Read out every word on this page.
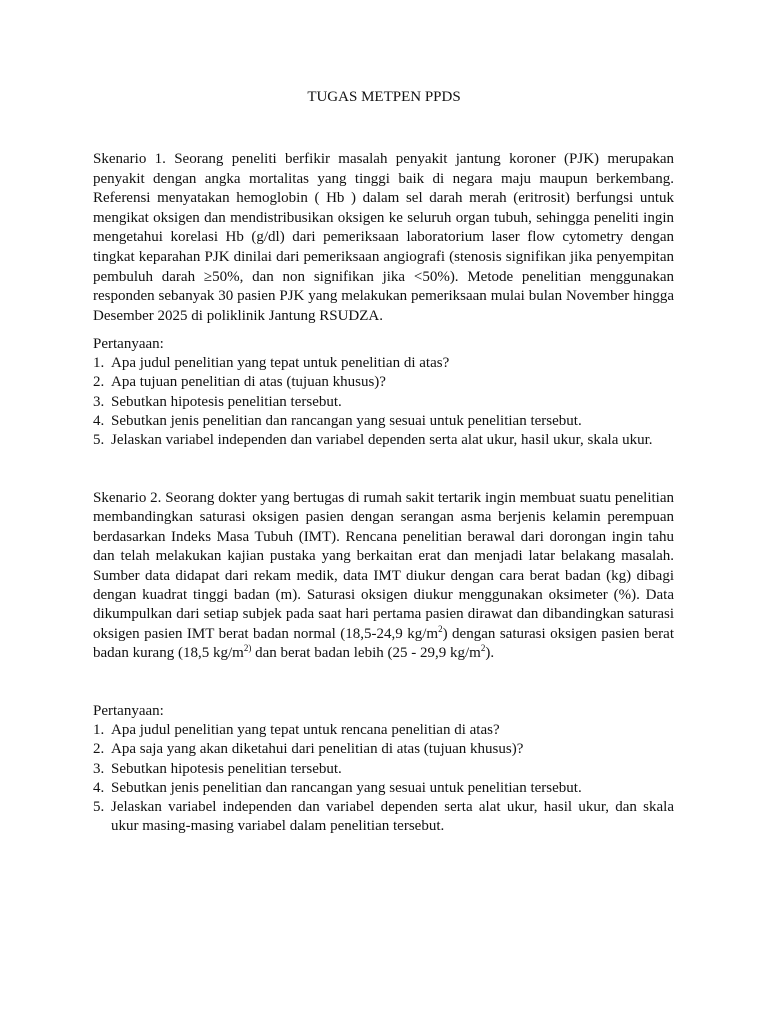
TUGAS METPEN PPDS

Skenario 1. Seorang peneliti berfikir masalah penyakit jantung koroner (PJK) merupakan penyakit dengan angka mortalitas yang tinggi baik di negara maju maupun berkembang. Referensi menyatakan hemoglobin ( Hb ) dalam sel darah merah (eritrosit) berfungsi untuk mengikat oksigen dan mendistribusikan oksigen ke seluruh organ tubuh, sehingga peneliti ingin mengetahui korelasi Hb (g/dl) dari pemeriksaan laboratorium laser flow cytometry dengan tingkat keparahan PJK dinilai dari pemeriksaan angiografi (stenosis signifikan jika penyempitan pembuluh darah ≥50%, dan non signifikan jika <50%). Metode penelitian menggunakan responden sebanyak 30 pasien PJK yang melakukan pemeriksaan mulai bulan November hingga Desember 2025 di poliklinik Jantung RSUDZA.

Pertanyaan:
1. Apa judul penelitian yang tepat untuk penelitian di atas?
2. Apa tujuan penelitian di atas (tujuan khusus)?
3. Sebutkan hipotesis penelitian tersebut.
4. Sebutkan jenis penelitian dan rancangan yang sesuai untuk penelitian tersebut.
5. Jelaskan variabel independen dan variabel dependen serta alat ukur, hasil ukur, skala ukur.

Skenario 2. Seorang dokter yang bertugas di rumah sakit tertarik ingin membuat suatu penelitian membandingkan saturasi oksigen pasien dengan serangan asma berjenis kelamin perempuan berdasarkan Indeks Masa Tubuh (IMT). Rencana penelitian berawal dari dorongan ingin tahu dan telah melakukan kajian pustaka yang berkaitan erat dan menjadi latar belakang masalah. Sumber data didapat dari rekam medik, data IMT diukur dengan cara berat badan (kg) dibagi dengan kuadrat tinggi badan (m). Saturasi oksigen diukur menggunakan oksimeter (%). Data dikumpulkan dari setiap subjek pada saat hari pertama pasien dirawat dan dibandingkan saturasi oksigen pasien IMT berat badan normal (18,5-24,9 $kg/m^2$) dengan saturasi oksigen pasien berat badan kurang (18,5 $kg/m^{2)}$ dan berat badan lebih (25 - 29,9 $kg/m^2$).

Pertanyaan:
1. Apa judul penelitian yang tepat untuk rencana penelitian di atas?
2. Apa saja yang akan diketahui dari penelitian di atas (tujuan khusus)?
3. Sebutkan hipotesis penelitian tersebut.
4. Sebutkan jenis penelitian dan rancangan yang sesuai untuk penelitian tersebut.
5. Jelaskan variabel independen dan variabel dependen serta alat ukur, hasil ukur, dan skala ukur masing-masing variabel dalam penelitian tersebut.
